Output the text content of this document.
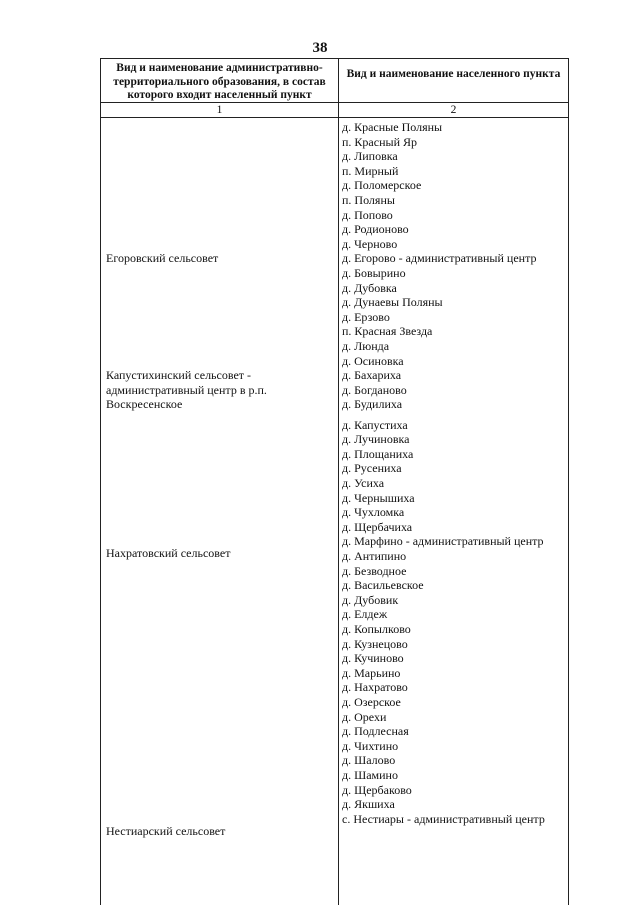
38
Вид и наименование административно-территориального образования, в состав которого входит населенный пункт
Вид и наименование населенного пункта
1	2
Егоровский сельсовет
Капустихинский сельсовет -
административный центр в р.п.
Воскресенское
Нахратовский сельсовет
Нестиарский сельсовет
д. Красные Поляны
п. Красный Яр
д. Липовка
п. Мирный
д. Поломерское
п. Поляны
д. Попово
д. Родионово
д. Черново
д. Егорово - административный центр
д. Бовырино
д. Дубовка
д. Дунаевы Поляны
д. Ерзово
п. Красная Звезда
д. Люнда
д. Осиновка
д. Бахариха
д. Богданово
д. Будилиха
д. Капустиха
д. Лучиновка
д. Площаниха
д. Русениха
д. Усиха
д. Чернышиха
д. Чухломка
д. Щербачиха
д. Марфино - административный центр
д. Антипино
д. Безводное
д. Васильевское
д. Дубовик
д. Елдеж
д. Копылково
д. Кузнецово
д. Кучиново
д. Марьино
д. Нахратово
д. Озерское
д. Орехи
д. Подлесная
д. Чихтино
д. Шалово
д. Шамино
д. Щербаково
д. Якшиха
с. Нестиары - административный центр
